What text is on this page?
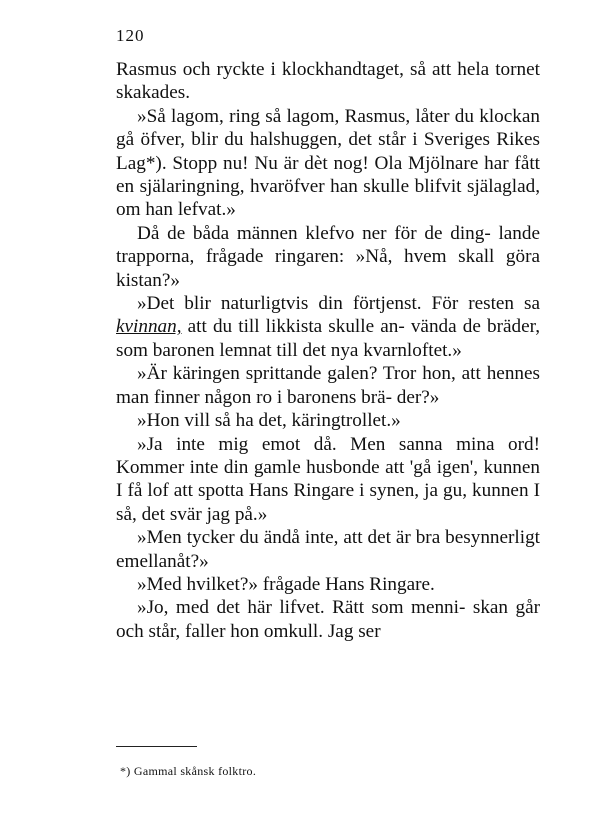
120

Rasmus och ryckte i klockhandtaget, så att hela tornet skakades.

»Så lagom, ring så lagom, Rasmus, låter du klockan gå öfver, blir du halshuggen, det står i Sveriges Rikes Lag*). Stopp nu! Nu är dèt nog! Ola Mjölnare har fått en själaringning, hvaröfver han skulle blifvit själaglad, om han lefvat.»

Då de båda männen klefvo ner för de ding- lande trapporna, frågade ringaren: »Nå, hvem skall göra kistan?»

»Det blir naturligtvis din förtjenst. För resten sa kvinnan, att du till likkista skulle an- vända de bräder, som baronen lemnat till det nya kvarnloftet.»

»Är käringen sprittande galen? Tror hon, att hennes man finner någon ro i baronens brä- der?»

»Hon vill så ha det, käringtrollet.»

»Ja inte mig emot då. Men sanna mina ord! Kommer inte din gamle husbonde att 'gå igen', kunnen I få lof att spotta Hans Ringare i synen, ja gu, kunnen I så, det svär jag på.»

»Men tycker du ändå inte, att det är bra besynnerligt emellanåt?»

»Med hvilket?» frågade Hans Ringare.

»Jo, med det här lifvet. Rätt som menni- skan går och står, faller hon omkull. Jag ser

*) Gammal skånsk folktro.
